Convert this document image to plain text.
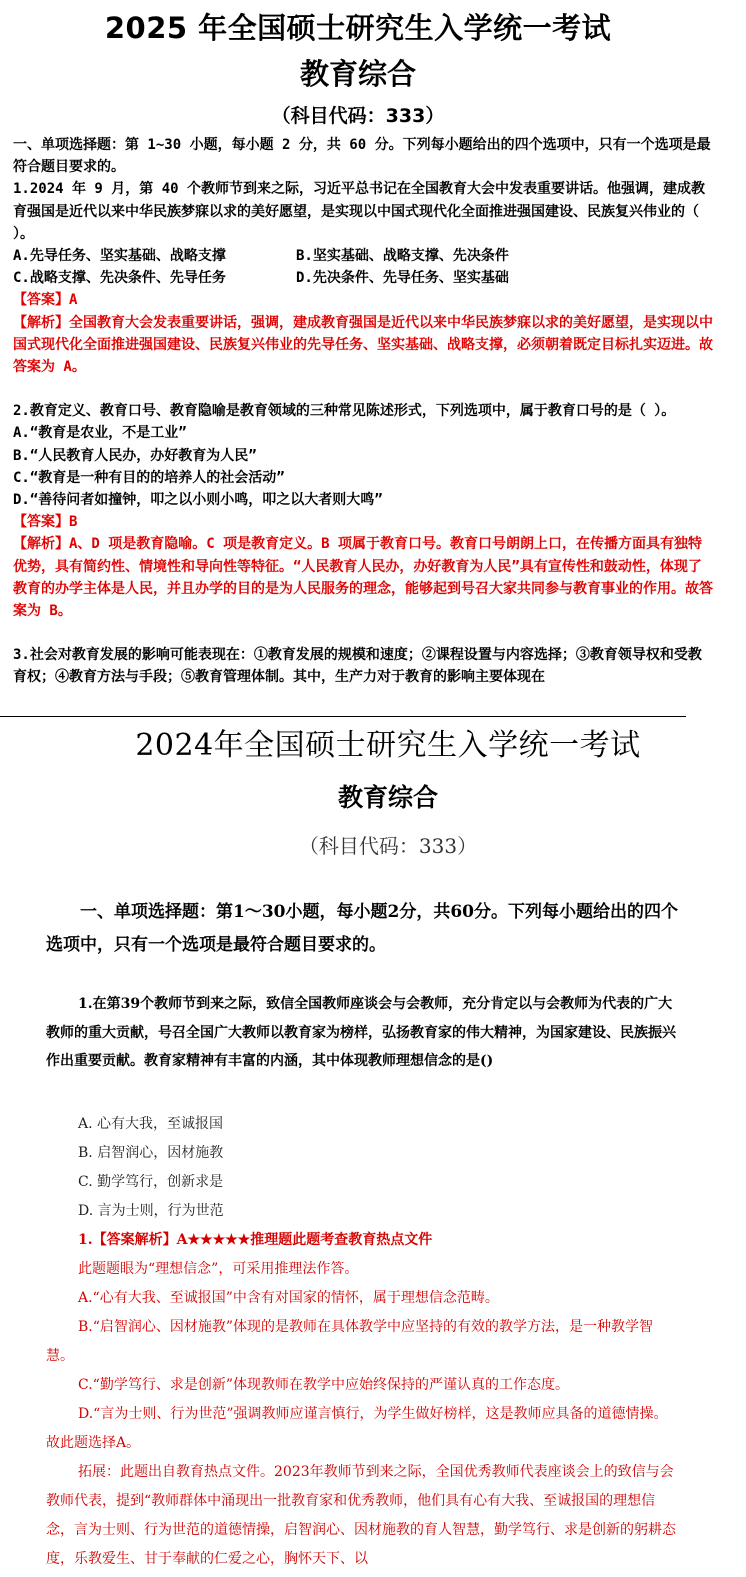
2025 年全国硕士研究生入学统一考试
教育综合
（科目代码：333）

一、单项选择题：第 1~30 小题，每小题 2 分，共 60 分。下列每小题给出的四个选项中，只有一个选项是最符合题目要求的。

1.2024 年 9 月，第 40 个教师节到来之际，习近平总书记在全国教育大会中发表重要讲话。他强调，建成教育强国是近代以来中华民族梦寐以求的美好愿望，是实现以中国式现代化全面推进强国建设、民族复兴伟业的（ ）。

A.先导任务、坚实基础、战略支撑	B.坚实基础、战略支撑、先决条件
C.战略支撑、先决条件、先导任务	D.先决条件、先导任务、坚实基础

【答案】A

【解析】全国教育大会发表重要讲话，强调，建成教育强国是近代以来中华民族梦寐以求的美好愿望，是实现以中国式现代化全面推进强国建设、民族复兴伟业的先导任务、坚实基础、战略支撑，必须朝着既定目标扎实迈进。故答案为 A。

2.教育定义、教育口号、教育隐喻是教育领域的三种常见陈述形式，下列选项中，属于教育口号的是（ ）。

A.“教育是农业，不是工业”

B.“人民教育人民办，办好教育为人民”

C.“教育是一种有目的的培养人的社会活动”

D.“善待问者如撞钟，叩之以小则小鸣，叩之以大者则大鸣”

【答案】B

【解析】A、D 项是教育隐喻。C 项是教育定义。B 项属于教育口号。教育口号朗朗上口，在传播方面具有独特优势，具有简约性、情境性和导向性等特征。“人民教育人民办，办好教育为人民”具有宣传性和鼓动性，体现了教育的办学主体是人民，并且办学的目的是为人民服务的理念，能够起到号召大家共同参与教育事业的作用。故答案为 B。

3.社会对教育发展的影响可能表现在：①教育发展的规模和速度；②课程设置与内容选择；③教育领导权和受教育权；④教育方法与手段；⑤教育管理体制。其中，生产力对于教育的影响主要体现在

2024年全国硕士研究生入学统一考试
教育综合
（科目代码：333）
一、单项选择题：第1～30小题，每小题2分，共60分。下列每小题给出的四个选项中，只有一个选项是最符合题目要求的。
1.在第39个教师节到来之际，致信全国教师座谈会与会教师，充分肯定以与会教师为代表的广大教师的重大贡献，号召全国广大教师以教育家为榜样，弘扬教育家的伟大精神，为国家建设、民族振兴作出重要贡献。教育家精神有丰富的内涵，其中体现教师理想信念的是()

A. 心有大我，至诚报国

B. 启智润心，因材施教

C. 勤学笃行，创新求是

D. 言为士则，行为世范

1.【答案解析】A★★★★★推理题此题考查教育热点文件

此题题眼为“理想信念”，可采用推理法作答。

A.“心有大我、至诚报国”中含有对国家的情怀，属于理想信念范畴。

B.“启智润心、因材施教”体现的是教师在具体教学中应坚持的有效的教学方法，是一种教学智慧。

C.“勤学笃行、求是创新”体现教师在教学中应始终保持的严谨认真的工作态度。

D.“言为士则、行为世范”强调教师应谨言慎行，为学生做好榜样，这是教师应具备的道德情操。故此题选择A。

拓展：此题出自教育热点文件。2023年教师节到来之际，全国优秀教师代表座谈会上的致信与会教师代表，提到“教师群体中涌现出一批教育家和优秀教师，他们具有心有大我、至诚报国的理想信念，言为士则、行为世范的道德情操，启智润心、因材施教的育人智慧，勤学笃行、求是创新的躬耕态度，乐教爱生、甘于奉献的仁爱之心，胸怀天下、以
